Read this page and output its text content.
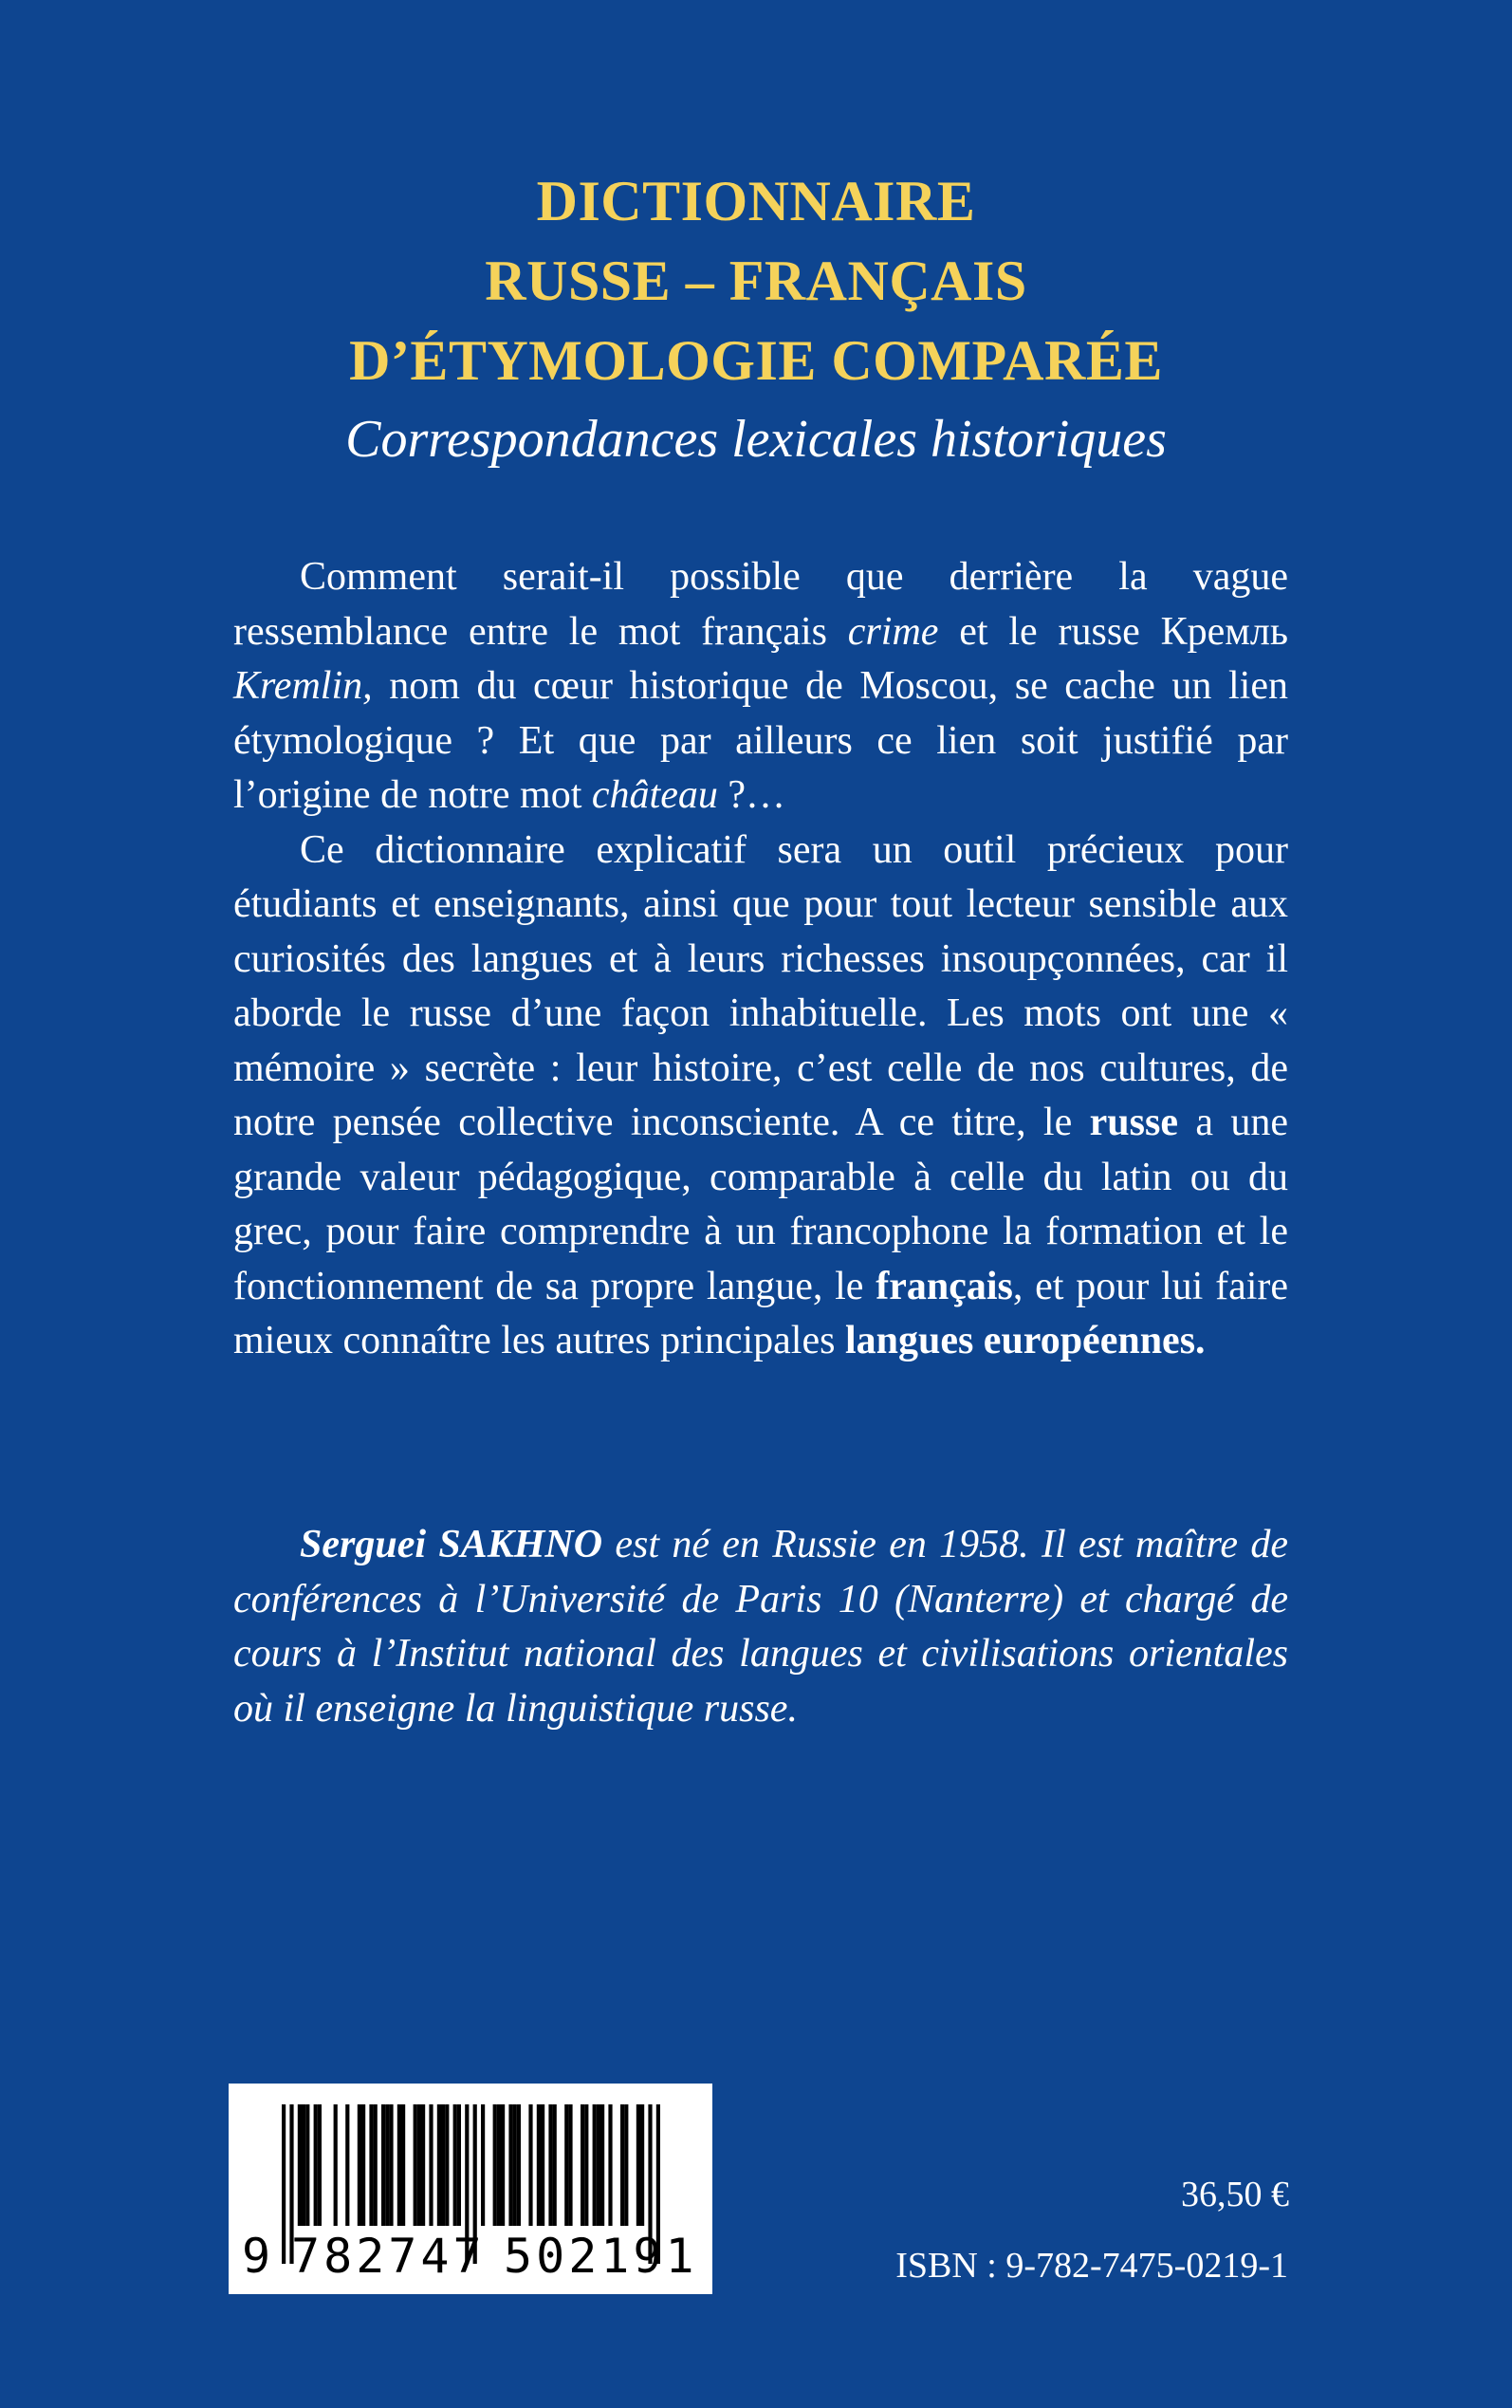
DICTIONNAIRE
RUSSE – FRANÇAIS
D’ÉTYMOLOGIE COMPARÉE
Correspondances lexicales historiques

Comment serait-il possible que derrière la vague ressemblance entre le mot français crime et le russe Кремль Kremlin, nom du cœur historique de Moscou, se cache un lien étymologique ? Et que par ailleurs ce lien soit justifié par l’origine de notre mot château ?…

Ce dictionnaire explicatif sera un outil précieux pour étudiants et enseignants, ainsi que pour tout lecteur sensible aux curiosités des langues et à leurs richesses insoupçonnées, car il aborde le russe d’une façon inhabituelle. Les mots ont une « mémoire » secrète : leur histoire, c’est celle de nos cultures, de notre pensée collective inconsciente. A ce titre, le russe a une grande valeur pédagogique, comparable à celle du latin ou du grec, pour faire comprendre à un francophone la formation et le fonctionnement de sa propre langue, le français, et pour lui faire mieux connaître les autres principales langues européennes.

Serguei SAKHNO est né en Russie en 1958. Il est maître de conférences à l’Université de Paris 10 (Nanterre) et chargé de cours à l’Institut national des langues et civilisations orientales où il enseigne la linguistique russe.

9 782747 502191
36,50 €
ISBN : 9-782-7475-0219-1
